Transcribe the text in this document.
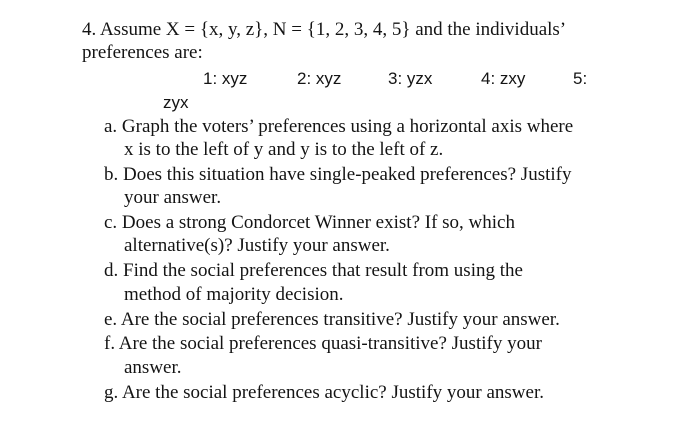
4. Assume X = {x, y, z}, N = {1, 2, 3, 4, 5} and the individuals’
preferences are:
1: xyz	2: xyz	3: yzx	4: zxy	5:
zyx
a. Graph the voters’ preferences using a horizontal axis where
x is to the left of y and y is to the left of z.
b. Does this situation have single-peaked preferences? Justify
your answer.
c. Does a strong Condorcet Winner exist? If so, which
alternative(s)? Justify your answer.
d. Find the social preferences that result from using the
method of majority decision.
e. Are the social preferences transitive? Justify your answer.
f. Are the social preferences quasi-transitive? Justify your
answer.
g. Are the social preferences acyclic? Justify your answer.
